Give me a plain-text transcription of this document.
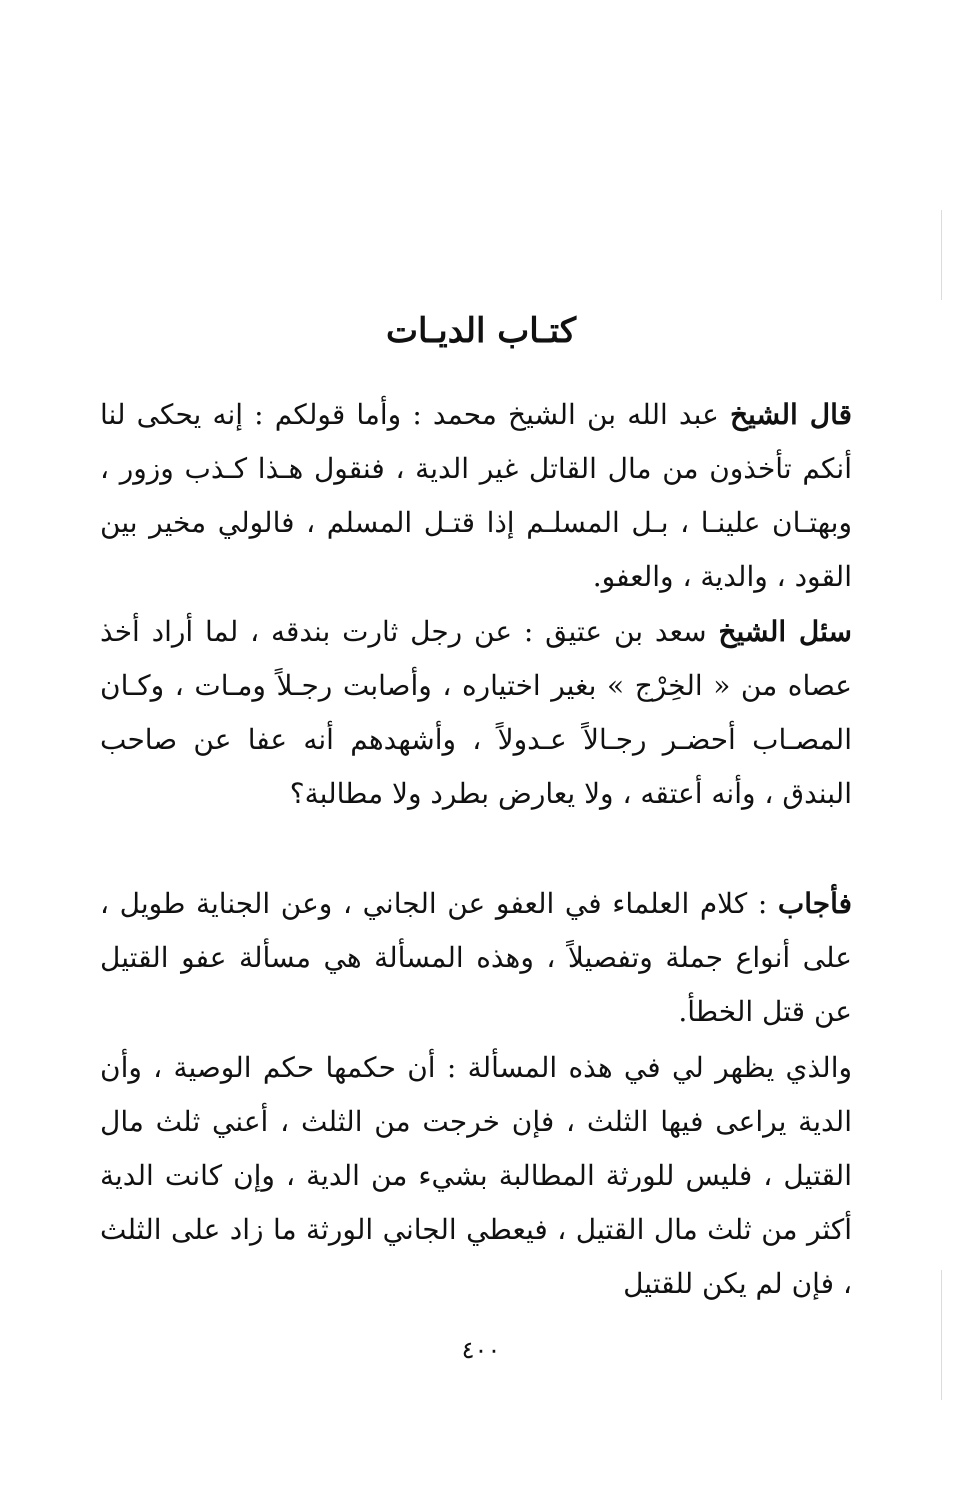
كتـاب الديـات

قال الشيخ عبد الله بن الشيخ محمد : وأما قولكم : إنه يحكى لنا أنكم تأخذون من مال القاتل غير الدية ، فنقول هـذا كـذب وزور ، وبهتـان علينـا ، بـل المسلـم إذا قتـل المسلم ، فالولي مخير بين القود ، والدية ، والعفو.

سئل الشيخ سعد بن عتيق : عن رجل ثارت بندقه ، لما أراد أخذ عصاه من « الخِرْج » بغير اختياره ، وأصابت رجـلاً ومـات ، وكـان المصـاب أحضـر رجـالاً عـدولاً ، وأشهدهم أنه عفا عن صاحب البندق ، وأنه أعتقه ، ولا يعارض بطرد ولا مطالبة؟

فأجاب : كلام العلماء في العفو عن الجاني ، وعن الجناية طويل ، على أنواع جملة وتفصيلاً ، وهذه المسألة هي مسألة عفو القتيل عن قتل الخطأ.

والذي يظهر لي في هذه المسألة : أن حكمها حكم الوصية ، وأن الدية يراعى فيها الثلث ، فإن خرجت من الثلث ، أعني ثلث مال القتيل ، فليس للورثة المطالبة بشيء من الدية ، وإن كانت الدية أكثر من ثلث مال القتيل ، فيعطي الجاني الورثة ما زاد على الثلث ، فإن لم يكن للقتيل

٤٠٠
